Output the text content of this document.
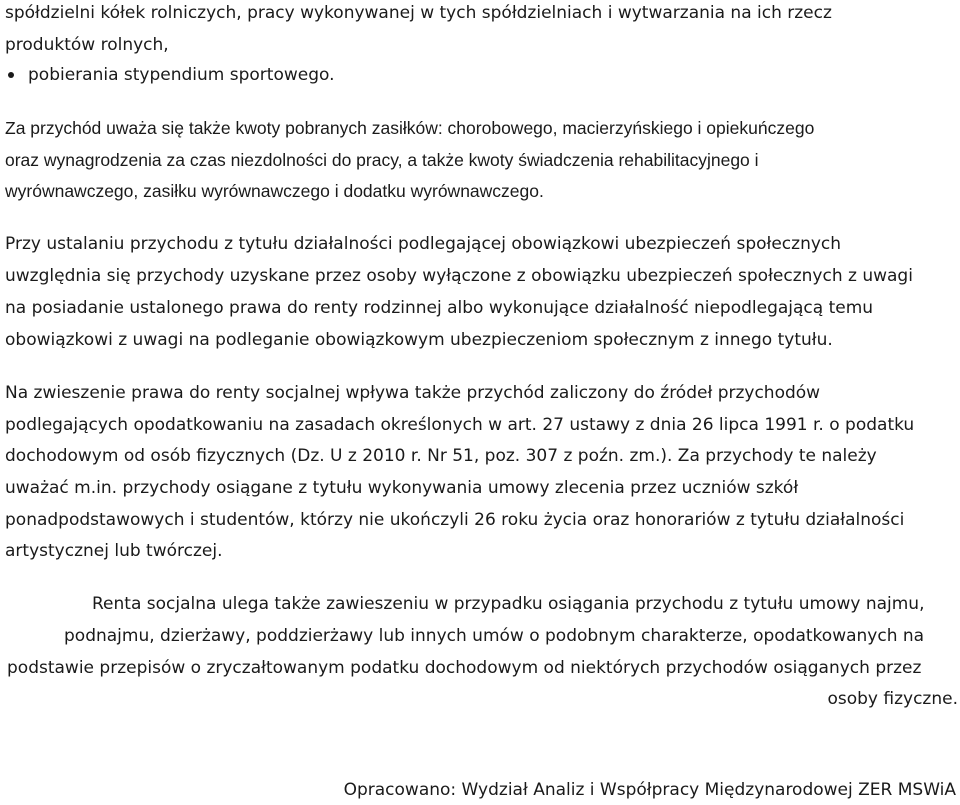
spółdzielni kółek rolniczych, pracy wykonywanej w tych spółdzielniach i wytwarzania na ich rzecz
produktów rolnych,
pobierania stypendium sportowego.
Za przychód uważa się także kwoty pobranych zasiłków: chorobowego, macierzyńskiego i opiekuńczego
oraz wynagrodzenia za czas niezdolności do pracy, a także kwoty świadczenia rehabilitacyjnego i
wyrównawczego, zasiłku wyrównawczego i dodatku wyrównawczego.
Przy ustalaniu przychodu z tytułu działalności podlegającej obowiązkowi ubezpieczeń społecznych
uwzględnia się przychody uzyskane przez osoby wyłączone z obowiązku ubezpieczeń społecznych z uwagi
na posiadanie ustalonego prawa do renty rodzinnej albo wykonujące działalność niepodlegającą temu
obowiązkowi z uwagi na podleganie obowiązkowym ubezpieczeniom społecznym z innego tytułu.
Na zwieszenie prawa do renty socjalnej wpływa także przychód zaliczony do źródeł przychodów
podlegających opodatkowaniu na zasadach określonych w art. 27 ustawy z dnia 26 lipca 1991 r. o podatku
dochodowym od osób fizycznych (Dz. U z 2010 r. Nr 51, poz. 307 z poźn. zm.). Za przychody te należy
uważać m.in. przychody osiągane z tytułu wykonywania umowy zlecenia przez uczniów szkół
ponadpodstawowych i studentów, którzy nie ukończyli 26 roku życia oraz honorariów z tytułu działalności
artystycznej lub twórczej.
Renta socjalna ulega także zawieszeniu w przypadku osiągania przychodu z tytułu umowy najmu,
podnajmu, dzierżawy, poddzierżawy lub innych umów o podobnym charakterze, opodatkowanych na
podstawie przepisów o zryczałtowanym podatku dochodowym od niektórych przychodów osiąganych przez
osoby fizyczne.
Opracowano: Wydział Analiz i Współpracy Międzynarodowej ZER MSWiA
